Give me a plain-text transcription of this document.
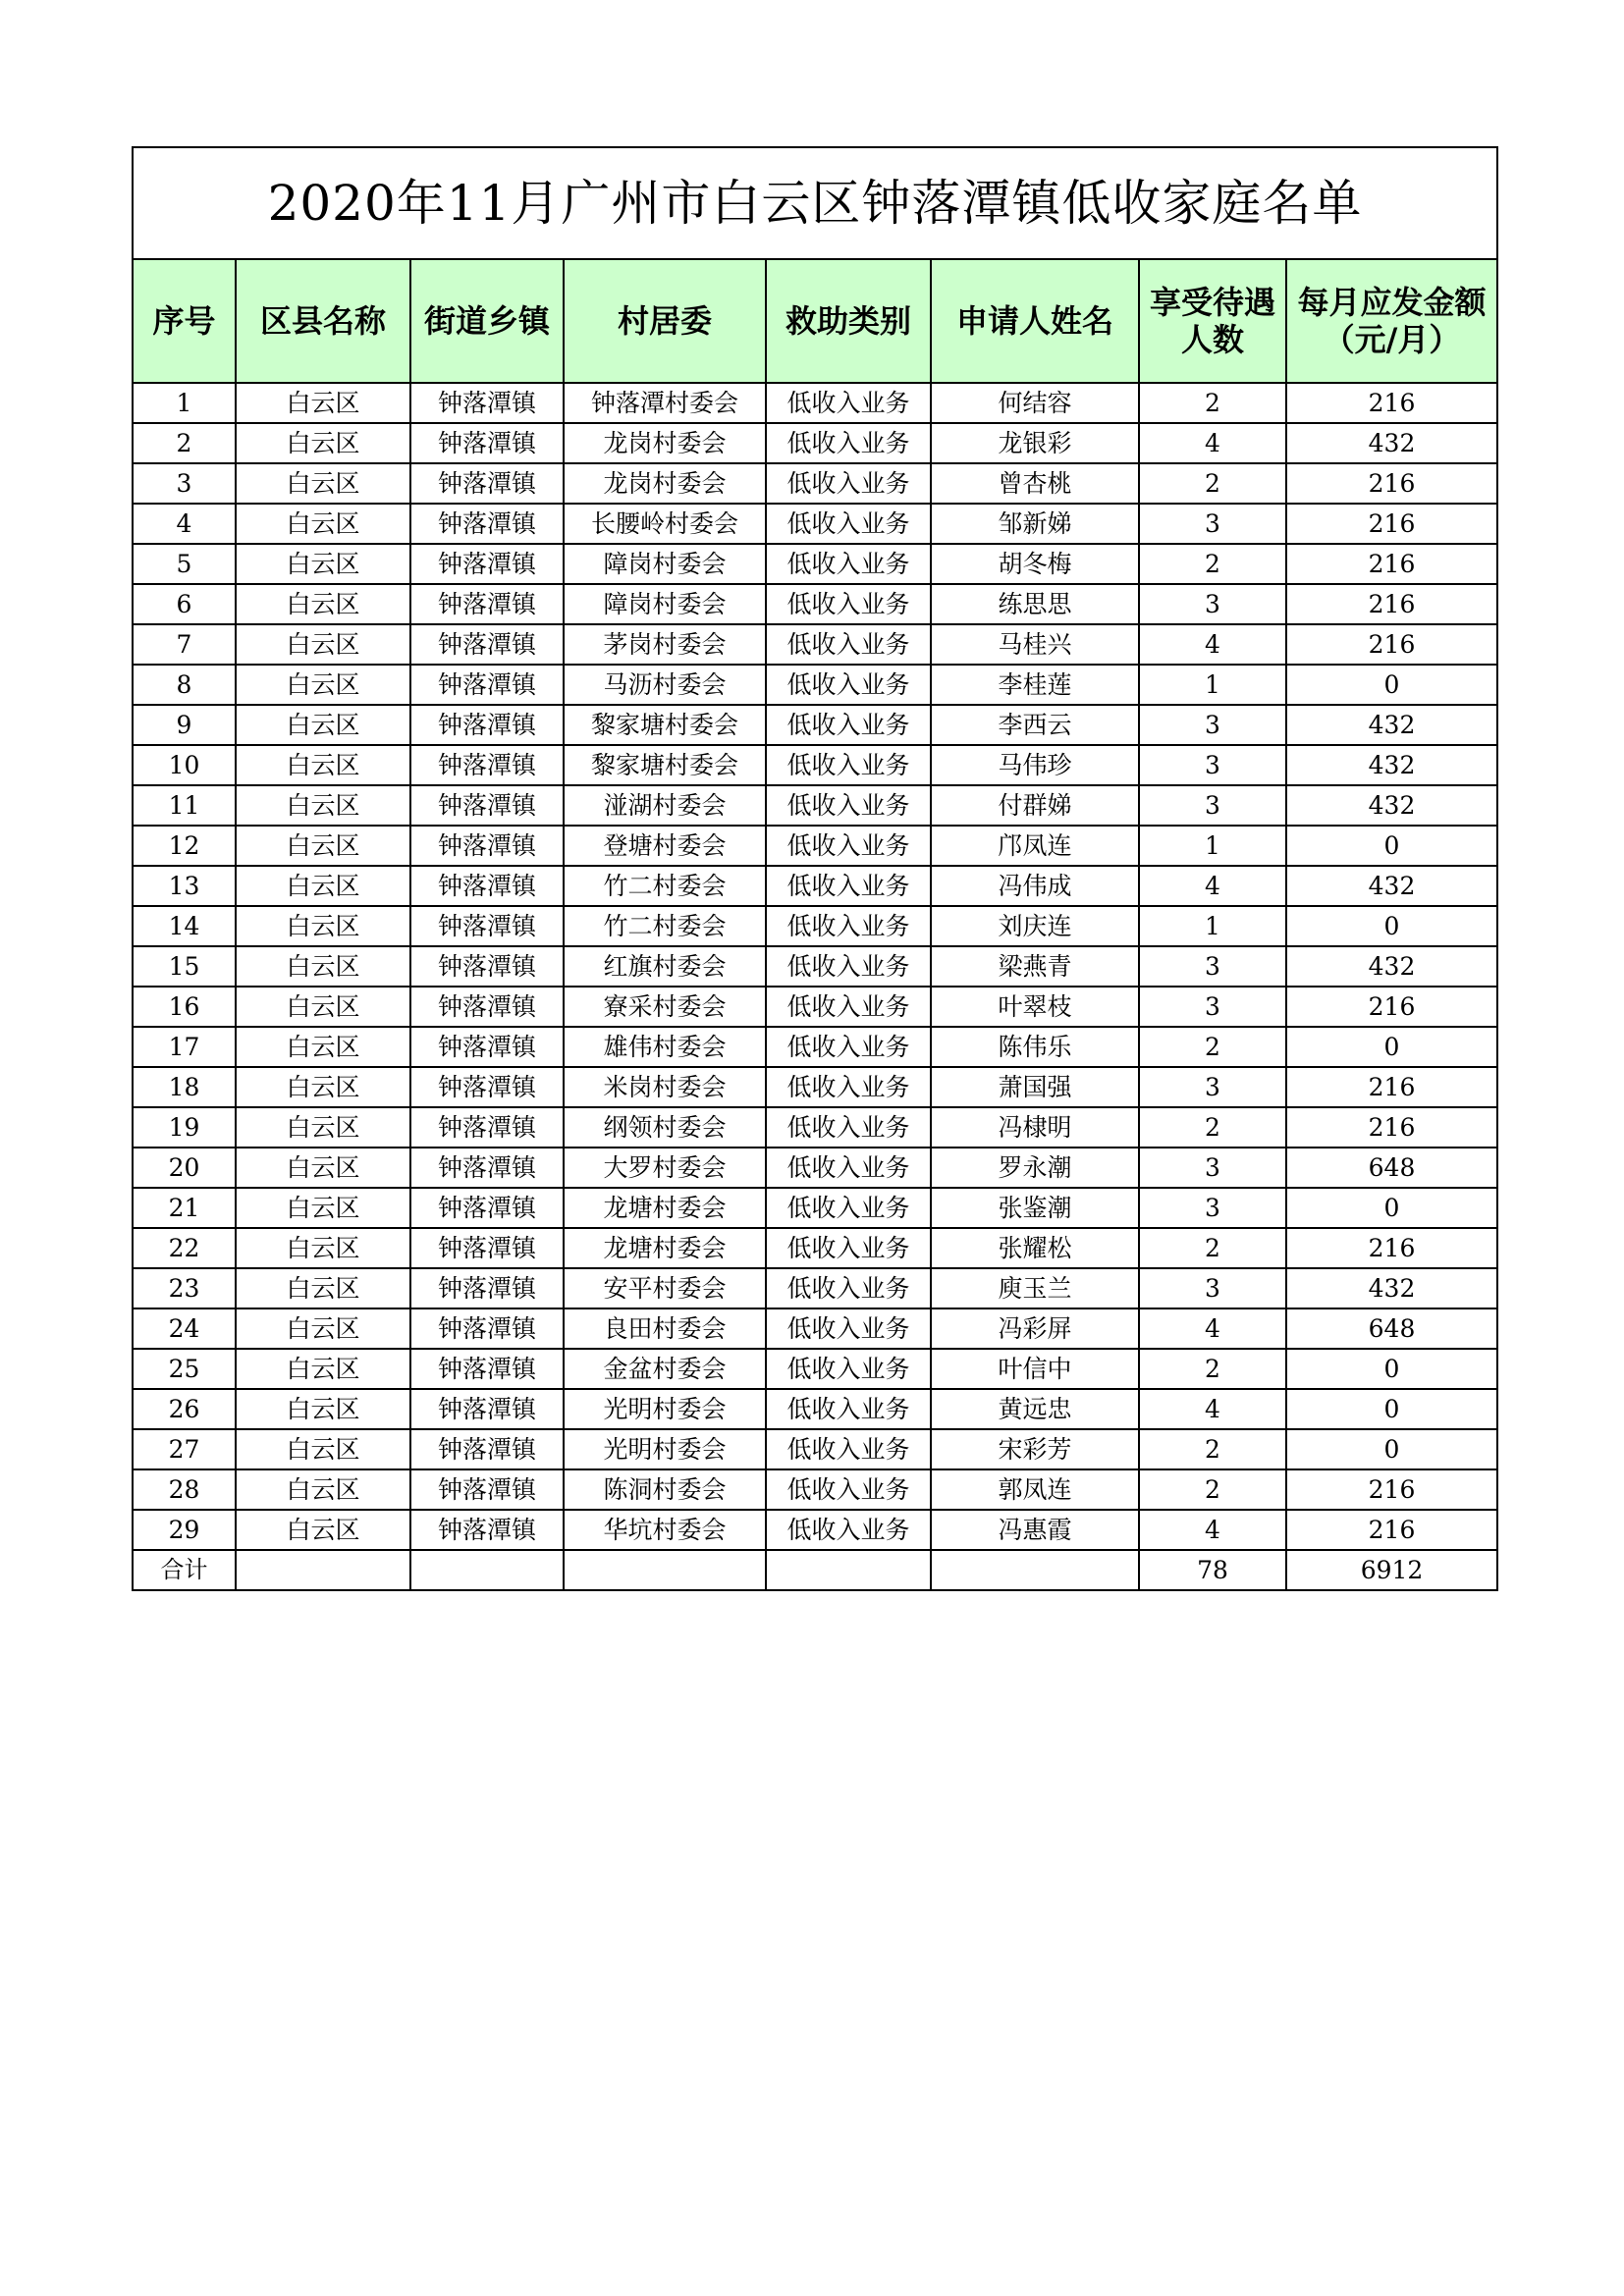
2020年11月广州市白云区钟落潭镇低收家庭名单
序号	区县名称	街道乡镇	村居委	救助类别	申请人姓名	享受待遇人数	每月应发金额（元/月）
1	白云区	钟落潭镇	钟落潭村委会	低收入业务	何结容	2	216
2	白云区	钟落潭镇	龙岗村委会	低收入业务	龙银彩	4	432
3	白云区	钟落潭镇	龙岗村委会	低收入业务	曾杏桃	2	216
4	白云区	钟落潭镇	长腰岭村委会	低收入业务	邹新娣	3	216
5	白云区	钟落潭镇	障岗村委会	低收入业务	胡冬梅	2	216
6	白云区	钟落潭镇	障岗村委会	低收入业务	练思思	3	216
7	白云区	钟落潭镇	茅岗村委会	低收入业务	马桂兴	4	216
8	白云区	钟落潭镇	马沥村委会	低收入业务	李桂莲	1	0
9	白云区	钟落潭镇	黎家塘村委会	低收入业务	李西云	3	432
10	白云区	钟落潭镇	黎家塘村委会	低收入业务	马伟珍	3	432
11	白云区	钟落潭镇	湴湖村委会	低收入业务	付群娣	3	432
12	白云区	钟落潭镇	登塘村委会	低收入业务	邝凤连	1	0
13	白云区	钟落潭镇	竹二村委会	低收入业务	冯伟成	4	432
14	白云区	钟落潭镇	竹二村委会	低收入业务	刘庆连	1	0
15	白云区	钟落潭镇	红旗村委会	低收入业务	梁燕青	3	432
16	白云区	钟落潭镇	寮采村委会	低收入业务	叶翠枝	3	216
17	白云区	钟落潭镇	雄伟村委会	低收入业务	陈伟乐	2	0
18	白云区	钟落潭镇	米岗村委会	低收入业务	萧国强	3	216
19	白云区	钟落潭镇	纲领村委会	低收入业务	冯棣明	2	216
20	白云区	钟落潭镇	大罗村委会	低收入业务	罗永潮	3	648
21	白云区	钟落潭镇	龙塘村委会	低收入业务	张鉴潮	3	0
22	白云区	钟落潭镇	龙塘村委会	低收入业务	张耀松	2	216
23	白云区	钟落潭镇	安平村委会	低收入业务	庾玉兰	3	432
24	白云区	钟落潭镇	良田村委会	低收入业务	冯彩屏	4	648
25	白云区	钟落潭镇	金盆村委会	低收入业务	叶信中	2	0
26	白云区	钟落潭镇	光明村委会	低收入业务	黄远忠	4	0
27	白云区	钟落潭镇	光明村委会	低收入业务	宋彩芳	2	0
28	白云区	钟落潭镇	陈洞村委会	低收入业务	郭凤连	2	216
29	白云区	钟落潭镇	华坑村委会	低收入业务	冯惠霞	4	216
合计						78	6912
